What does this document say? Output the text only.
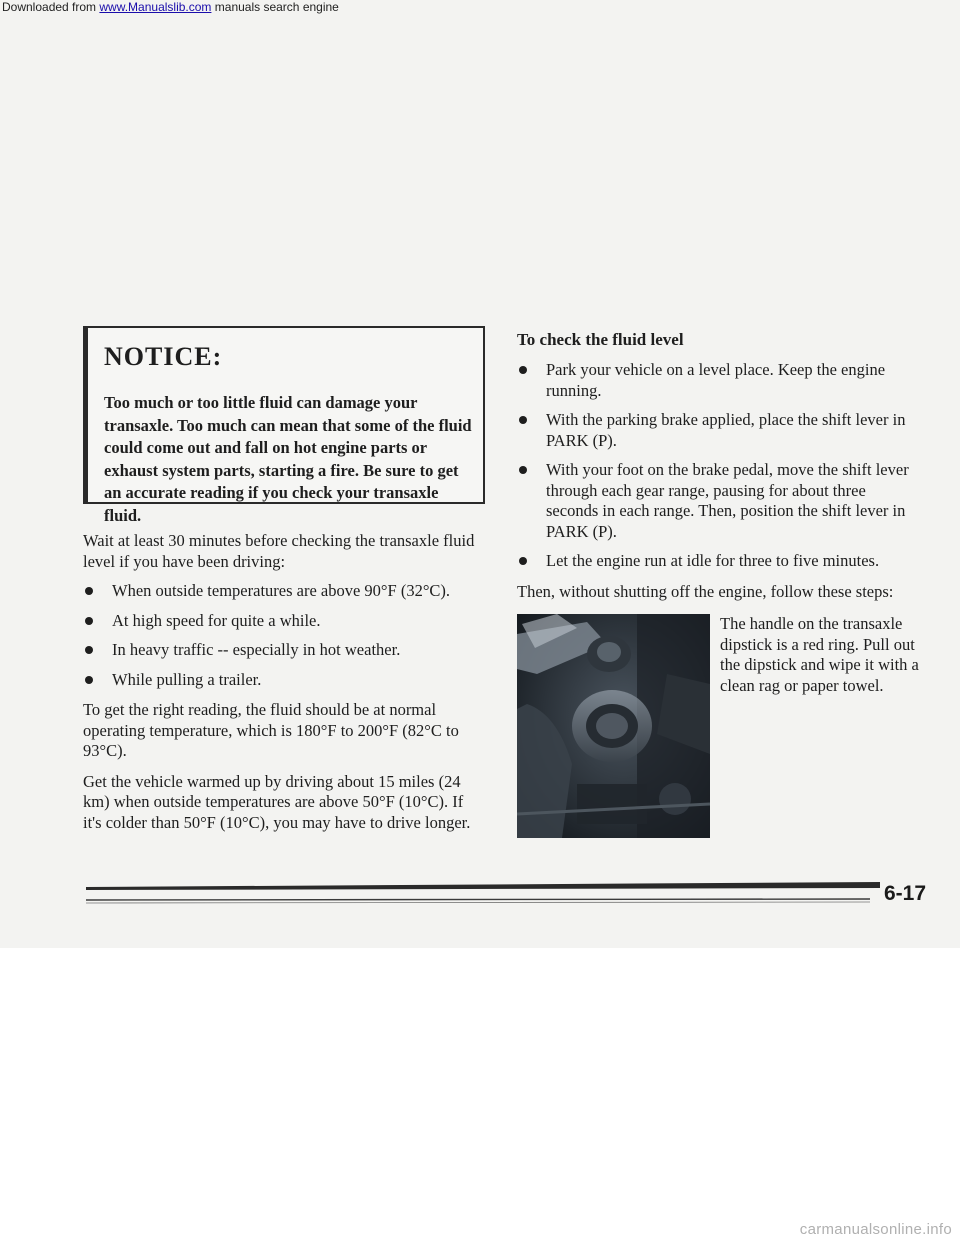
Downloaded from www.Manualslib.com manuals search engine
NOTICE:

Too much or too little fluid can damage your transaxle. Too much can mean that some of the fluid could come out and fall on hot engine parts or exhaust system parts, starting a fire. Be sure to get an accurate reading if you check your transaxle fluid.

Wait at least 30 minutes before checking the transaxle fluid level if you have been driving:

When outside temperatures are above 90°F (32°C).
At high speed for quite a while.
In heavy traffic -- especially in hot weather.
While pulling a trailer.

To get the right reading, the fluid should be at normal operating temperature, which is 180°F to 200°F (82°C to 93°C).

Get the vehicle warmed up by driving about 15 miles (24 km) when outside temperatures are above 50°F (10°C). If it's colder than 50°F (10°C), you may have to drive longer.

To check the fluid level
Park your vehicle on a level place. Keep the engine running.
With the parking brake applied, place the shift lever in PARK (P).
With your foot on the brake pedal, move the shift lever through each gear range, pausing for about three seconds in each range. Then, position the shift lever in PARK (P).
Let the engine run at idle for three to five minutes.

Then, without shutting off the engine, follow these steps:

The handle on the transaxle dipstick is a red ring. Pull out the dipstick and wipe it with a clean rag or paper towel.
6-17
carmanualsonline.info
